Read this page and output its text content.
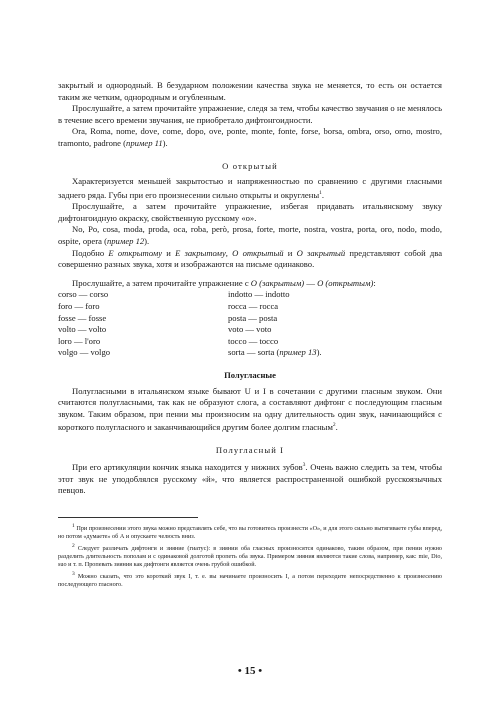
закрытый и однородный. В безударном положении качества звука не меняется, то есть он остается таким же четким, однородным и огубленным.

Прослушайте, а затем прочитайте упражнение, следя за тем, чтобы качество звучания o не менялось в течение всего времени звучания, не приобретало дифтонгоидности.

Ora, Roma, nome, dove, come, dopo, ove, ponte, monte, fonte, forse, borsa, ombra, orso, orno, mostro, tramonto, padrone (пример 11).

О открытый

Характеризуется меньшей закрытостью и напряженностью по сравнению с другими гласными заднего ряда. Губы при его произнесении сильно открыты и округлены$^1$.

Прослушайте, а затем прочитайте упражнение, избегая придавать итальянскому звуку дифтонгоидную окраску, свойственную русскому «о».

No, Po, cosa, moda, proda, oca, roba, però, prosa, forte, morte, nostra, vostra, porta, oro, nodo, modo, ospite, opera (пример 12).

Подобно Е открытому и Е закрытому, О открытый и О закрытый представляют собой два совершенно разных звука, хотя и изображаются на письме одинаково.

Прослушайте, а затем прочитайте упражнение с О (закрытым) — О (открытым):

corso — corso
foro — foro
fosse — fosse
volto — volto
loro — l'oro
volgo — volgo
indotto — indotto
rocca — rocca
posta — posta
voto — voto
tocco — tocco
sorta — sorta (пример 13).
Полугласные

Полугласными в итальянском языке бывают U и I в сочетании с другими гласным звуком. Они считаются полугласными, так как не образуют слога, а составляют дифтонг с последующим гласным звуком. Таким образом, при пении мы произносим на одну длительность один звук, начинающийся с короткого полугласного и заканчивающийся другим более долгим гласным$^2$.

Полугласный I

При его артикуляции кончик языка находится у нижних зубов$^3$. Очень важно следить за тем, чтобы этот звук не уподоблялся русскому «й», что является распространенной ошибкой русскоязычных певцов.

$^1$ При произнесении этого звука можно представлять себе, что вы готовитесь произнести «О», и для этого сильно вытягиваете губы вперед, но потом «думаете» об А и опускаете челюсть вниз.

$^2$ Следует различать дифтонги и зияние (гиатус): в зиянии оба гласных произносятся одинаково, таким образом, при пении нужно разделить длительность пополам и с одинаковой долготой пропеть оба звука. Примером зияния являются такие слова, например, как: mie, Dio, suo и т. п. Пропевать зияния как дифтонги является очень грубой ошибкой.

$^3$ Можно сказать, что это короткий звук I, т. е. вы начинаете произносить I, а потом переходите непосредственно к произнесению последующего гласного.

• 15 •
